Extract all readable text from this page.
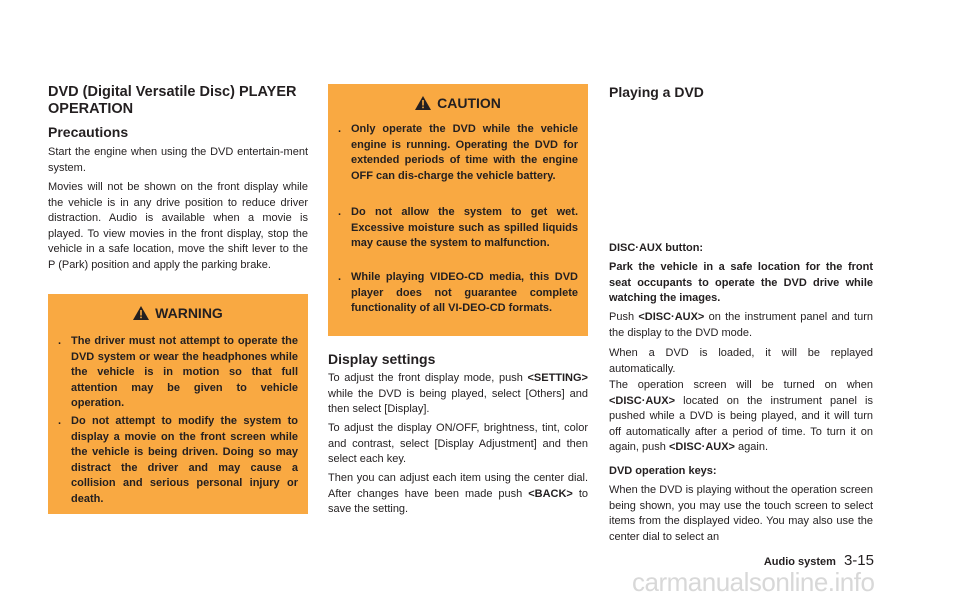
DVD (Digital Versatile Disc) PLAYER
OPERATION
Precautions

Start the engine when using the DVD entertain-ment system.

Movies will not be shown on the front display while the vehicle is in any drive position to reduce driver distraction. Audio is available when a movie is played. To view movies in the front display, stop the vehicle in a safe location, move the shift lever to the P (Park) position and apply the parking brake.

WARNING
. The driver must not attempt to operate the DVD system or wear the headphones while the vehicle is in motion so that full attention may be given to vehicle operation.
. Do not attempt to modify the system to display a movie on the front screen while the vehicle is being driven. Doing so may distract the driver and may cause a collision and serious personal injury or death.
CAUTION
. Only operate the DVD while the vehicle engine is running. Operating the DVD for extended periods of time with the engine OFF can dis-charge the vehicle battery.
. Do not allow the system to get wet. Excessive moisture such as spilled liquids may cause the system to malfunction.
. While playing VIDEO-CD media, this DVD player does not guarantee complete functionality of all VI-DEO-CD formats.
Display settings

To adjust the front display mode, push <SETTING> while the DVD is being played, select [Others] and then select [Display].

To adjust the display ON/OFF, brightness, tint, color and contrast, select [Display Adjustment] and then select each key.

Then you can adjust each item using the center dial. After changes have been made push <BACK> to save the setting.

Playing a DVD

DISC·AUX button:

Park the vehicle in a safe location for the front seat occupants to operate the DVD drive while watching the images.

Push <DISC·AUX> on the instrument panel and turn the display to the DVD mode.

When a DVD is loaded, it will be replayed automatically.

The operation screen will be turned on when <DISC·AUX> located on the instrument panel is pushed while a DVD is being played, and it will turn off automatically after a period of time. To turn it on again, push <DISC·AUX> again.

DVD operation keys:

When the DVD is playing without the operation screen being shown, you may use the touch screen to select items from the displayed video. You may also use the center dial to select an

Audio system 3-15
carmanualsonline.info
